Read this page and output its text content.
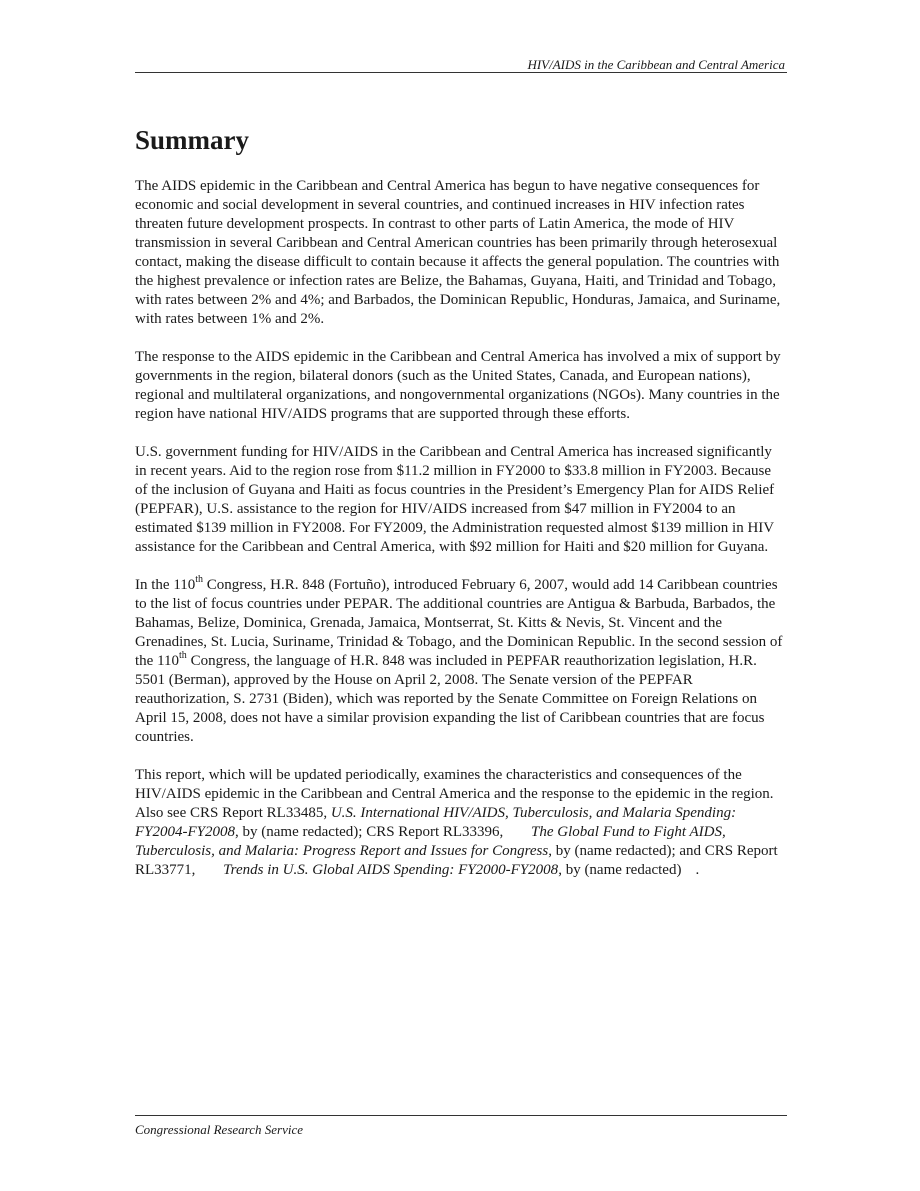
HIV/AIDS in the Caribbean and Central America
Summary

The AIDS epidemic in the Caribbean and Central America has begun to have negative consequences for economic and social development in several countries, and continued increases in HIV infection rates threaten future development prospects. In contrast to other parts of Latin America, the mode of HIV transmission in several Caribbean and Central American countries has been primarily through heterosexual contact, making the disease difficult to contain because it affects the general population. The countries with the highest prevalence or infection rates are Belize, the Bahamas, Guyana, Haiti, and Trinidad and Tobago, with rates between 2% and 4%; and Barbados, the Dominican Republic, Honduras, Jamaica, and Suriname, with rates between 1% and 2%.

The response to the AIDS epidemic in the Caribbean and Central America has involved a mix of support by governments in the region, bilateral donors (such as the United States, Canada, and European nations), regional and multilateral organizations, and nongovernmental organizations (NGOs). Many countries in the region have national HIV/AIDS programs that are supported through these efforts.

U.S. government funding for HIV/AIDS in the Caribbean and Central America has increased significantly in recent years. Aid to the region rose from $11.2 million in FY2000 to $33.8 million in FY2003. Because of the inclusion of Guyana and Haiti as focus countries in the President’s Emergency Plan for AIDS Relief (PEPFAR), U.S. assistance to the region for HIV/AIDS increased from $47 million in FY2004 to an estimated $139 million in FY2008. For FY2009, the Administration requested almost $139 million in HIV assistance for the Caribbean and Central America, with $92 million for Haiti and $20 million for Guyana.

In the 110th Congress, H.R. 848 (Fortuño), introduced February 6, 2007, would add 14 Caribbean countries to the list of focus countries under PEPAR. The additional countries are Antigua & Barbuda, Barbados, the Bahamas, Belize, Dominica, Grenada, Jamaica, Montserrat, St. Kitts & Nevis, St. Vincent and the Grenadines, St. Lucia, Suriname, Trinidad & Tobago, and the Dominican Republic. In the second session of the 110th Congress, the language of H.R. 848 was included in PEPFAR reauthorization legislation, H.R. 5501 (Berman), approved by the House on April 2, 2008. The Senate version of the PEPFAR reauthorization, S. 2731 (Biden), which was reported by the Senate Committee on Foreign Relations on April 15, 2008, does not have a similar provision expanding the list of Caribbean countries that are focus countries.

This report, which will be updated periodically, examines the characteristics and consequences of the HIV/AIDS epidemic in the Caribbean and Central America and the response to the epidemic in the region. Also see CRS Report RL33485, U.S. International HIV/AIDS, Tuberculosis, and Malaria Spending: FY2004-FY2008, by (name redacted); CRS Report RL33396, The Global Fund to Fight AIDS, Tuberculosis, and Malaria: Progress Report and Issues for Congress, by (name redacted); and CRS Report RL33771, Trends in U.S. Global AIDS Spending: FY2000-FY2008, by (name redacted) .

Congressional Research Service
